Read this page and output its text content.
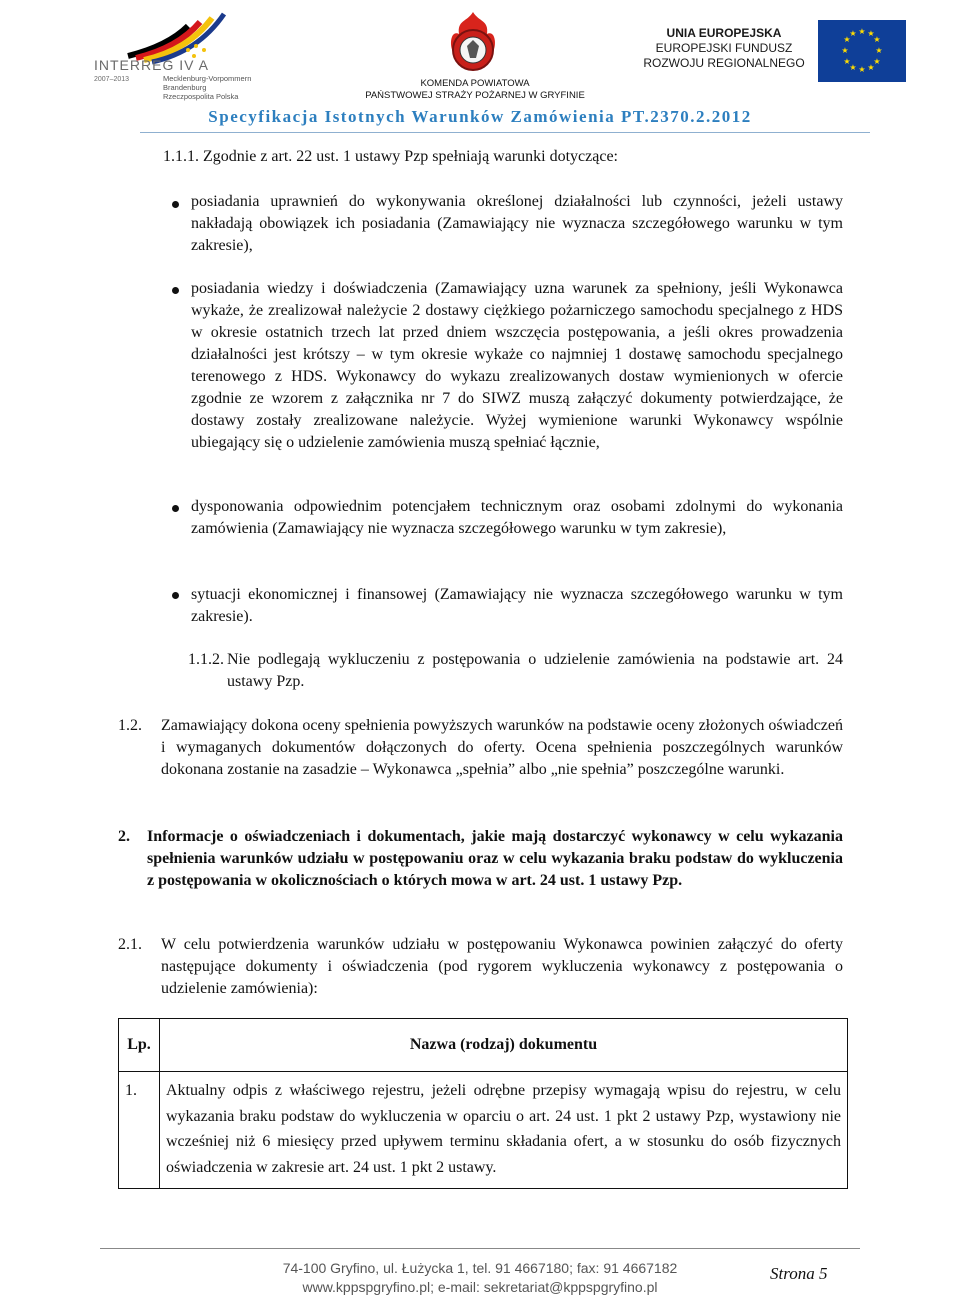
INTERREG IV A
2007–2013	Mecklenburg-Vorpommern
Brandenburg
Rzeczpospolita Polska
KOMENDA POWIATOWA
PAŃSTWOWEJ STRAŻY POŻARNEJ W GRYFINIE
UNIA EUROPEJSKA
EUROPEJSKI FUNDUSZ
ROZWOJU REGIONALNEGO
★ ★
★
★
★
★
★
★
★
★
★
★
Specyfikacja Istotnych Warunków Zamówienia PT.2370.2.2012
1.1.1. Zgodnie z art. 22 ust. 1 ustawy Pzp spełniają warunki dotyczące:
posiadania uprawnień do wykonywania określonej działalności lub czynności, jeżeli ustawy nakładają obowiązek ich posiadania (Zamawiający nie wyznacza szczegółowego warunku w tym zakresie),
posiadania wiedzy i doświadczenia (Zamawiający uzna warunek za spełniony, jeśli Wykonawca wykaże, że zrealizował należycie 2 dostawy ciężkiego pożarniczego samochodu specjalnego z HDS w okresie ostatnich trzech lat przed dniem wszczęcia postępowania, a jeśli okres prowadzenia działalności jest krótszy – w tym okresie wykaże co najmniej 1 dostawę samochodu specjalnego terenowego z HDS. Wykonawcy do wykazu zrealizowanych dostaw wymienionych w ofercie zgodnie ze wzorem z załącznika nr 7 do SIWZ muszą załączyć dokumenty potwierdzające, że dostawy zostały zrealizowane należycie. Wyżej wymienione warunki Wykonawcy wspólnie ubiegający się o udzielenie zamówienia muszą spełniać łącznie,
dysponowania odpowiednim potencjałem technicznym oraz osobami zdolnymi do wykonania zamówienia (Zamawiający nie wyznacza szczegółowego warunku w tym zakresie),
sytuacji ekonomicznej i finansowej (Zamawiający nie wyznacza szczegółowego warunku w tym zakresie).
1.1.2. Nie podlegają wykluczeniu z postępowania o udzielenie zamówienia na podstawie art. 24 ustawy Pzp.
1.2. Zamawiający dokona oceny spełnienia powyższych warunków na podstawie oceny złożonych oświadczeń i wymaganych dokumentów dołączonych do oferty. Ocena spełnienia poszczególnych warunków dokonana zostanie na zasadzie – Wykonawca „spełnia” albo „nie spełnia” poszczególne warunki.
2. Informacje o oświadczeniach i dokumentach, jakie mają dostarczyć wykonawcy w celu wykazania spełnienia warunków udziału w postępowaniu oraz w celu wykazania braku podstaw do wykluczenia z postępowania w okolicznościach o których mowa w art. 24 ust. 1 ustawy Pzp.
2.1. W celu potwierdzenia warunków udziału w postępowaniu Wykonawca powinien załączyć do oferty następujące dokumenty i oświadczenia (pod rygorem wykluczenia wykonawcy z postępowania o udzielenie zamówienia):
Lp.	Nazwa (rodzaj) dokumentu
1.	Aktualny odpis z właściwego rejestru, jeżeli odrębne przepisy wymagają wpisu do rejestru, w celu wykazania braku podstaw do wykluczenia w oparciu o art. 24 ust. 1 pkt 2 ustawy Pzp, wystawiony nie wcześniej niż 6 miesięcy przed upływem terminu składania ofert, a w stosunku do osób fizycznych oświadczenia w zakresie art. 24 ust. 1 pkt 2 ustawy.
74-100 Gryfino, ul. Łużycka 1, tel. 91 4667180; fax: 91 4667182
www.kppspgryfino.pl; e-mail: sekretariat@kppspgryfino.pl
Strona 5
